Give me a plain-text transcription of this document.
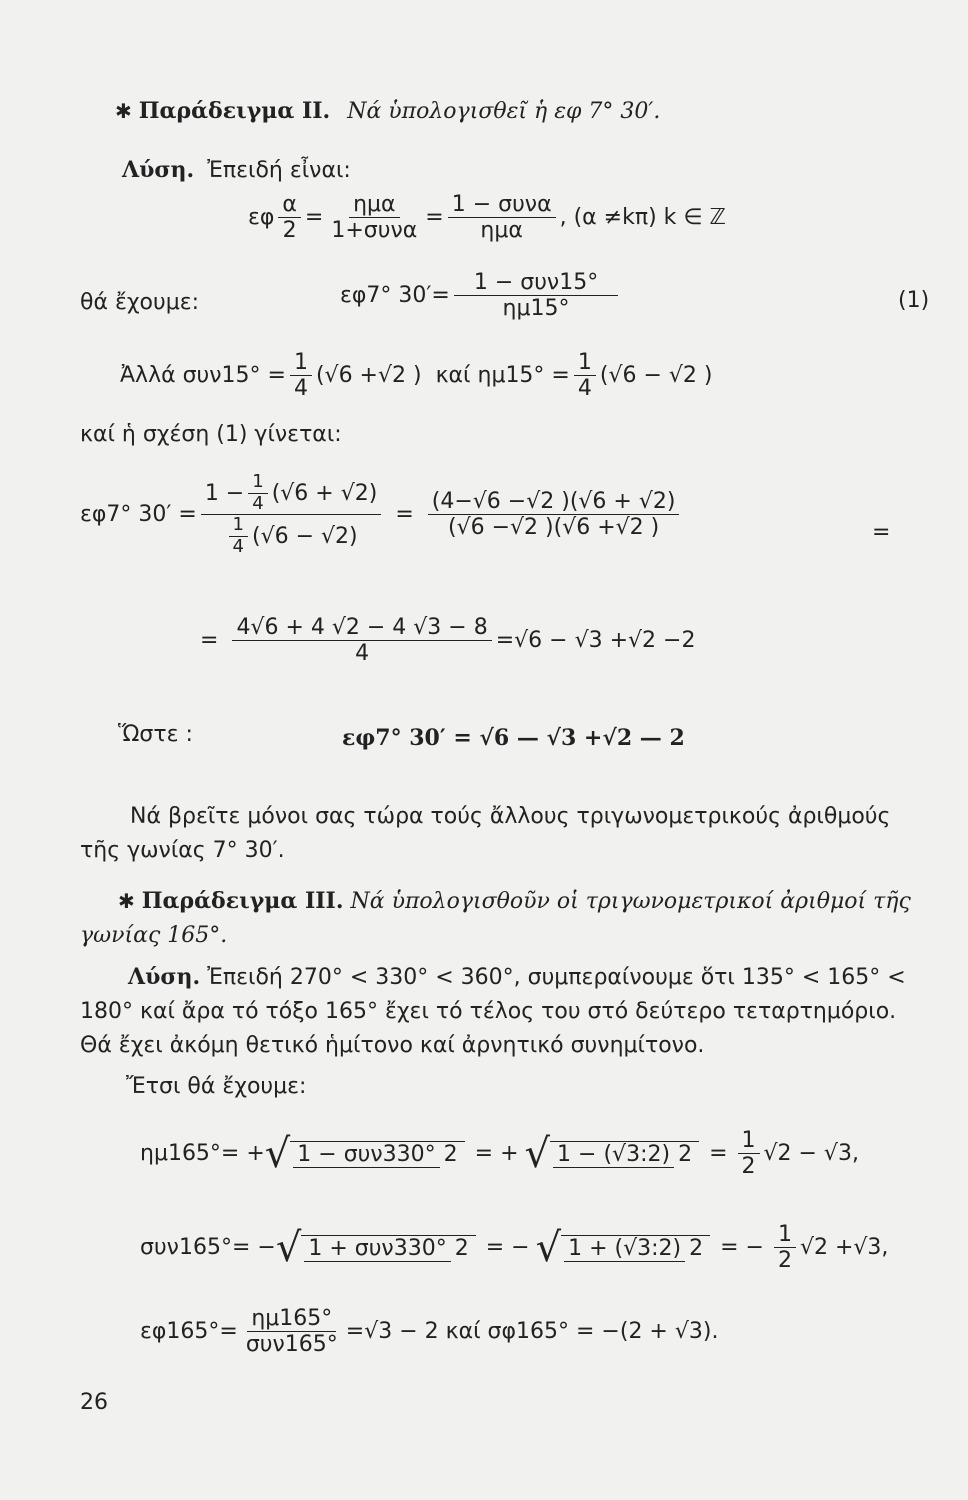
✱ Παράδειγμα ΙΙ. Νά ὑπολογισθεῖ ἡ εφ 7° 30′.
Λύση. Ἐπειδή εἶναι:
εφ $\frac{\alpha}{2} = \frac{\text{ημα}}{\text{1+συνα}} = \frac{\text{1 − συνα}}{\text{ημα}}$ , (α ≠kπ) k ∈ ℤ
θά ἔχουμε:	εφ7° $30'= \frac{\text{1 − συν15°}}{\eta\mu 15^\circ}$	(1)
Ἀλλά $\sigma\upsilon\nu 15^\circ = \frac{1}{4} (√6 +√2$ ) καί $\eta\mu 15^\circ = \frac{1}{4} (√6 - √2$ )
καί ἡ σχέση (1) γίνεται:
εφ7° $30' = \frac{1 - \frac{1}{4} (√6 + √2)}{\frac{1}{4} (√6 - √2)} = \frac{(4-√6 -√2 )(√6 + √2)}{(√6 -√2 )(√6 +√2 )}$	=
= $\frac{4√6 + 4 √2 - 4 √3 - 8}{4} =√6 - √3 +√2 -2$
Ὥστε :	εφ7° 30′ = √6 — √3 +√2 — 2
Νά βρεῖτε μόνοι σας τώρα τούς ἄλλους τριγωνομετρικούς ἀριθμούς τῆς γωνίας 7° 30′.
✱ Παράδειγμα ΙΙΙ. Νά ὑπολογισθοῦν οἱ τριγωνομετρικοί ἀριθμοί τῆς γωνίας 165°.
Λύση. Ἐπειδή 270° < 330° < 360°, συμπεραίνουμε ὅτι 135° < 165° < 180° καί ἄρα τό τόξο 165° ἔχει τό τέλος του στό δεύτερο τεταρτημόριο. Θά ἔχει ἀκόμη θετικό ἡμίτονο καί ἀρνητικό συνημίτονο.
Ἔτσι θά ἔχουμε:
ημ165°= + √ 1 − συν330° 2 = + √ 1 − (√3:2) $2 = \frac{1}{2} √2 - √3$,
συν165°= − √ 1 + συν330° 2 = − √ 1 + (√3:2) 2 = − $\frac{1}{2} √2 +√3$,
$\varepsilon\varphi 165^\circ= \frac{\eta\mu 165^\circ}{\text{συν165°}} =√3 - 2$ καί σφ165° = −(2 + √3).
26
